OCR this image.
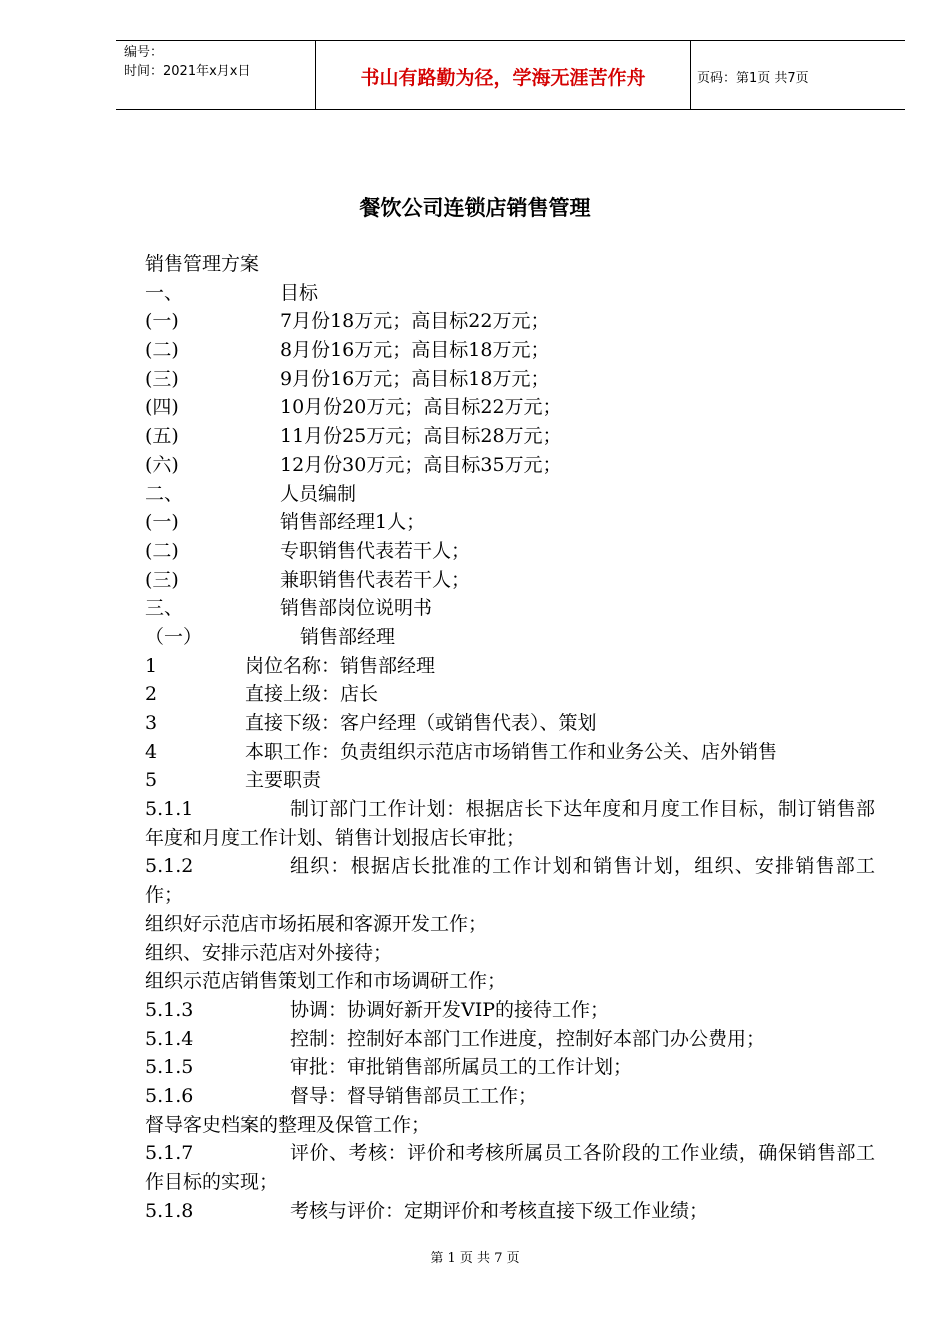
编号：
时间：2021年x月x日	书山有路勤为径，学海无涯苦作舟	页码：第1页 共7页
餐饮公司连锁店销售管理
销售管理方案
一、	目标
(一)	7月份18万元；高目标22万元；
(二)	8月份16万元；高目标18万元；
(三)	9月份16万元；高目标18万元；
(四)	10月份20万元；高目标22万元；
(五)	11月份25万元；高目标28万元；
(六)	12月份30万元；高目标35万元；
二、	人员编制
(一)	销售部经理1人；
(二)	专职销售代表若干人；
(三)	兼职销售代表若干人；
三、	销售部岗位说明书
（一）	销售部经理
1	岗位名称：销售部经理
2	直接上级：店长
3	直接下级：客户经理（或销售代表）、策划
4	本职工作：负责组织示范店市场销售工作和业务公关、店外销售
5	主要职责
5.1.1	制订部门工作计划：根据店长下达年度和月度工作目标，制订销售部年度和月度工作计划、销售计划报店长审批；
5.1.2	组织：根据店长批准的工作计划和销售计划，组织、安排销售部工作；
组织好示范店市场拓展和客源开发工作；
组织、安排示范店对外接待；
组织示范店销售策划工作和市场调研工作；
5.1.3	协调：协调好新开发VIP的接待工作；
5.1.4	控制：控制好本部门工作进度，控制好本部门办公费用；
5.1.5	审批：审批销售部所属员工的工作计划；
5.1.6	督导：督导销售部员工工作；
督导客史档案的整理及保管工作；
5.1.7	评价、考核：评价和考核所属员工各阶段的工作业绩，确保销售部工作目标的实现；
5.1.8	考核与评价：定期评价和考核直接下级工作业绩；
第 1 页 共 7 页
